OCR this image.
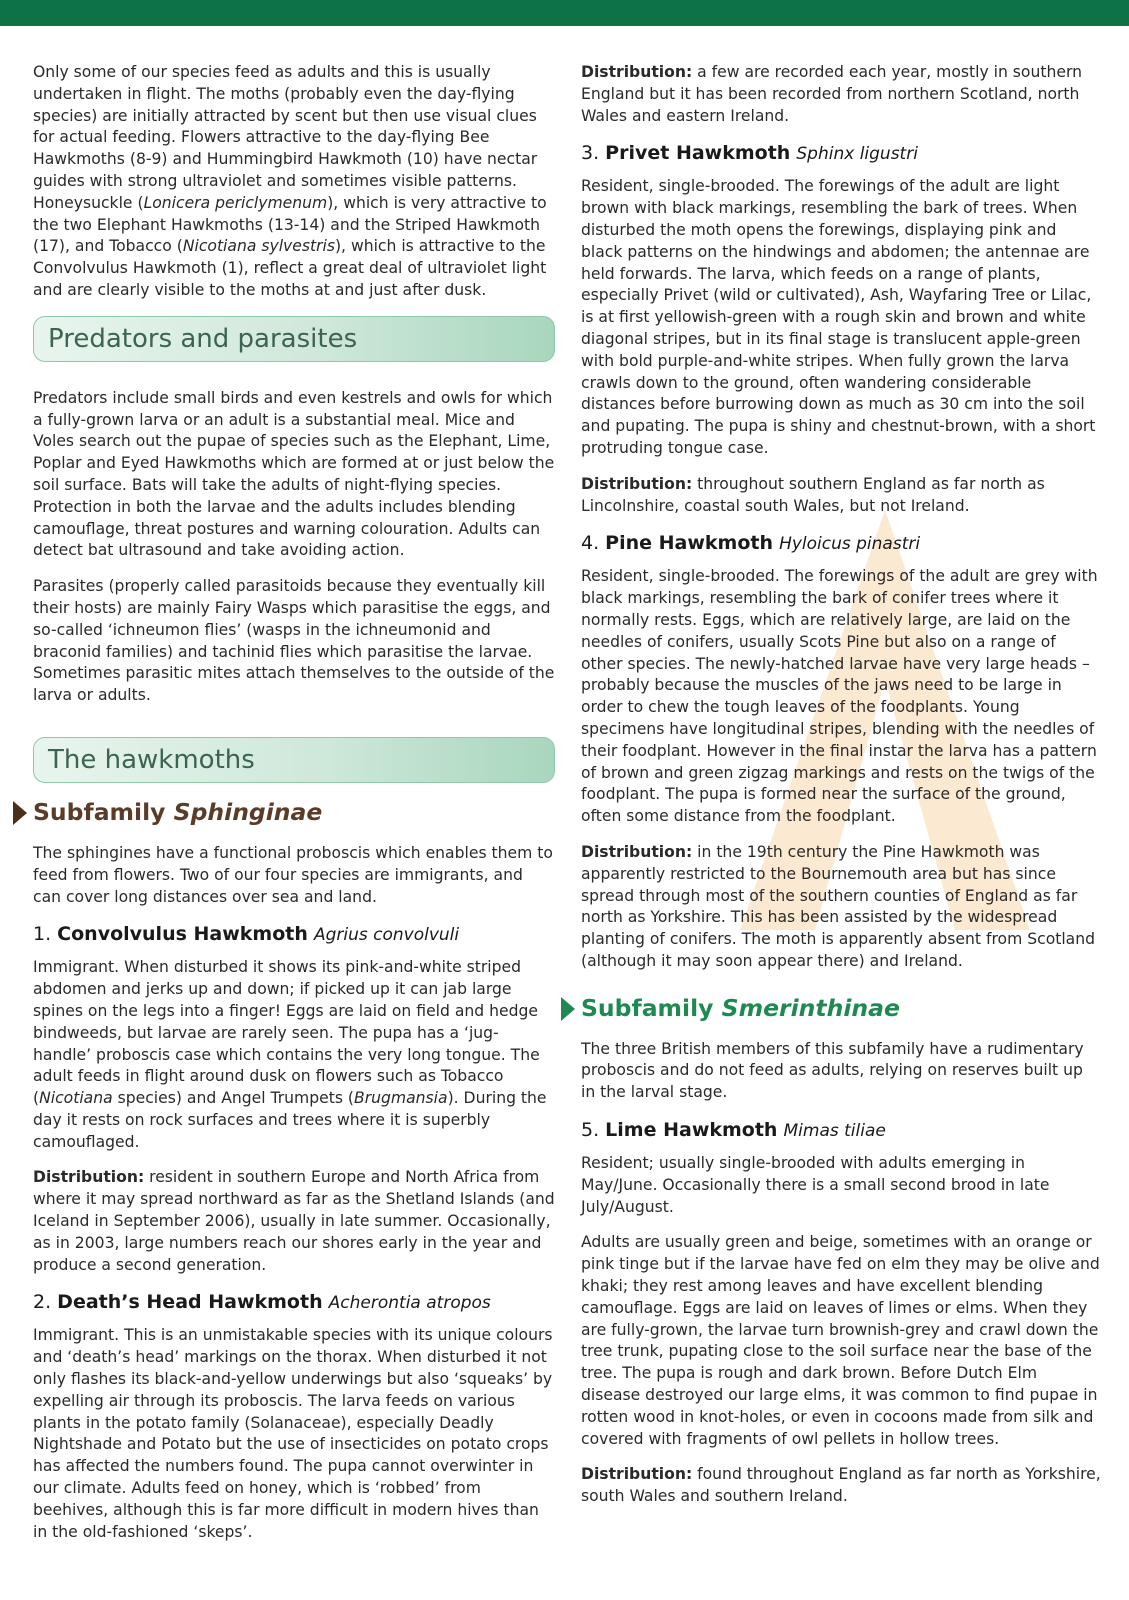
Only some of our species feed as adults and this is usually undertaken in flight. The moths (probably even the day-flying species) are initially attracted by scent but then use visual clues for actual feeding. Flowers attractive to the day-flying Bee Hawkmoths (8-9) and Hummingbird Hawkmoth (10) have nectar guides with strong ultraviolet and sometimes visible patterns. Honeysuckle (Lonicera periclymenum), which is very attractive to the two Elephant Hawkmoths (13-14) and the Striped Hawkmoth (17), and Tobacco (Nicotiana sylvestris), which is attractive to the Convolvulus Hawkmoth (1), reflect a great deal of ultraviolet light and are clearly visible to the moths at and just after dusk.

Predators and parasites

Predators include small birds and even kestrels and owls for which a fully-grown larva or an adult is a substantial meal. Mice and Voles search out the pupae of species such as the Elephant, Lime, Poplar and Eyed Hawkmoths which are formed at or just below the soil surface. Bats will take the adults of night-flying species. Protection in both the larvae and the adults includes blending camouflage, threat postures and warning colouration. Adults can detect bat ultrasound and take avoiding action.

Parasites (properly called parasitoids because they eventually kill their hosts) are mainly Fairy Wasps which parasitise the eggs, and so-called ‘ichneumon flies’ (wasps in the ichneumonid and braconid families) and tachinid flies which parasitise the larvae. Sometimes parasitic mites attach themselves to the outside of the larva or adults.

The hawkmoths
Subfamily Sphinginae

The sphingines have a functional proboscis which enables them to feed from flowers. Two of our four species are immigrants, and can cover long distances over sea and land.

1. Convolvulus Hawkmoth Agrius convolvuli

Immigrant. When disturbed it shows its pink-and-white striped abdomen and jerks up and down; if picked up it can jab large spines on the legs into a finger! Eggs are laid on field and hedge bindweeds, but larvae are rarely seen. The pupa has a ‘jug-handle’ proboscis case which contains the very long tongue. The adult feeds in flight around dusk on flowers such as Tobacco (Nicotiana species) and Angel Trumpets (Brugmansia). During the day it rests on rock surfaces and trees where it is superbly camouflaged.

Distribution: resident in southern Europe and North Africa from where it may spread northward as far as the Shetland Islands (and Iceland in September 2006), usually in late summer. Occasionally, as in 2003, large numbers reach our shores early in the year and produce a second generation.

2. Death’s Head Hawkmoth Acherontia atropos

Immigrant. This is an unmistakable species with its unique colours and ‘death’s head’ markings on the thorax. When disturbed it not only flashes its black-and-yellow underwings but also ‘squeaks’ by expelling air through its proboscis. The larva feeds on various plants in the potato family (Solanaceae), especially Deadly Nightshade and Potato but the use of insecticides on potato crops has affected the numbers found. The pupa cannot overwinter in our climate. Adults feed on honey, which is ‘robbed’ from beehives, although this is far more difficult in modern hives than in the old-fashioned ‘skeps’.

Distribution: a few are recorded each year, mostly in southern England but it has been recorded from northern Scotland, north Wales and eastern Ireland.

3. Privet Hawkmoth Sphinx ligustri

Resident, single-brooded. The forewings of the adult are light brown with black markings, resembling the bark of trees. When disturbed the moth opens the forewings, displaying pink and black patterns on the hindwings and abdomen; the antennae are held forwards. The larva, which feeds on a range of plants, especially Privet (wild or cultivated), Ash, Wayfaring Tree or Lilac, is at first yellowish-green with a rough skin and brown and white diagonal stripes, but in its final stage is translucent apple-green with bold purple-and-white stripes. When fully grown the larva crawls down to the ground, often wandering considerable distances before burrowing down as much as 30 cm into the soil and pupating. The pupa is shiny and chestnut-brown, with a short protruding tongue case.

Distribution: throughout southern England as far north as Lincolnshire, coastal south Wales, but not Ireland.

4. Pine Hawkmoth Hyloicus pinastri

Resident, single-brooded. The forewings of the adult are grey with black markings, resembling the bark of conifer trees where it normally rests. Eggs, which are relatively large, are laid on the needles of conifers, usually Scots Pine but also on a range of other species. The newly-hatched larvae have very large heads – probably because the muscles of the jaws need to be large in order to chew the tough leaves of the foodplants. Young specimens have longitudinal stripes, blending with the needles of their foodplant. However in the final instar the larva has a pattern of brown and green zigzag markings and rests on the twigs of the foodplant. The pupa is formed near the surface of the ground, often some distance from the foodplant.

Distribution: in the 19th century the Pine Hawkmoth was apparently restricted to the Bournemouth area but has since spread through most of the southern counties of England as far north as Yorkshire. This has been assisted by the widespread planting of conifers. The moth is apparently absent from Scotland (although it may soon appear there) and Ireland.

Subfamily Smerinthinae

The three British members of this subfamily have a rudimentary proboscis and do not feed as adults, relying on reserves built up in the larval stage.

5. Lime Hawkmoth Mimas tiliae

Resident; usually single-brooded with adults emerging in May/June. Occasionally there is a small second brood in late July/August.

Adults are usually green and beige, sometimes with an orange or pink tinge but if the larvae have fed on elm they may be olive and khaki; they rest among leaves and have excellent blending camouflage. Eggs are laid on leaves of limes or elms. When they are fully-grown, the larvae turn brownish-grey and crawl down the tree trunk, pupating close to the soil surface near the base of the tree. The pupa is rough and dark brown. Before Dutch Elm disease destroyed our large elms, it was common to find pupae in rotten wood in knot-holes, or even in cocoons made from silk and covered with fragments of owl pellets in hollow trees.

Distribution: found throughout England as far north as Yorkshire, south Wales and southern Ireland.
